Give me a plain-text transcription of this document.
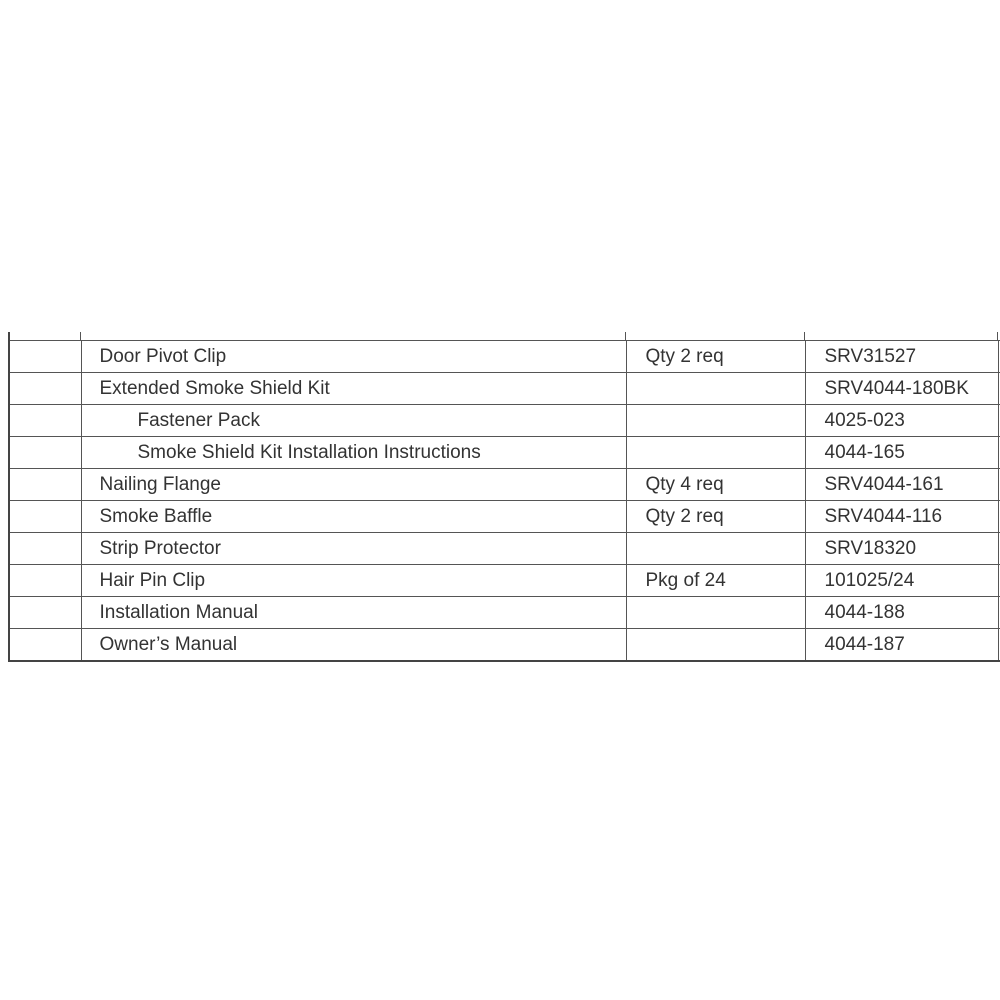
	Door Pivot Clip	Qty 2 req	SRV31527	
	Extended Smoke Shield Kit		SRV4044-180BK	
	Fastener Pack		4025-023	
	Smoke Shield Kit Installation Instructions		4044-165	
	Nailing Flange	Qty 4 req	SRV4044-161	
	Smoke Baffle	Qty 2 req	SRV4044-116	
	Strip Protector		SRV18320	
	Hair Pin Clip	Pkg of 24	101025/24	
	Installation Manual		4044-188	
	Owner’s Manual		4044-187	
